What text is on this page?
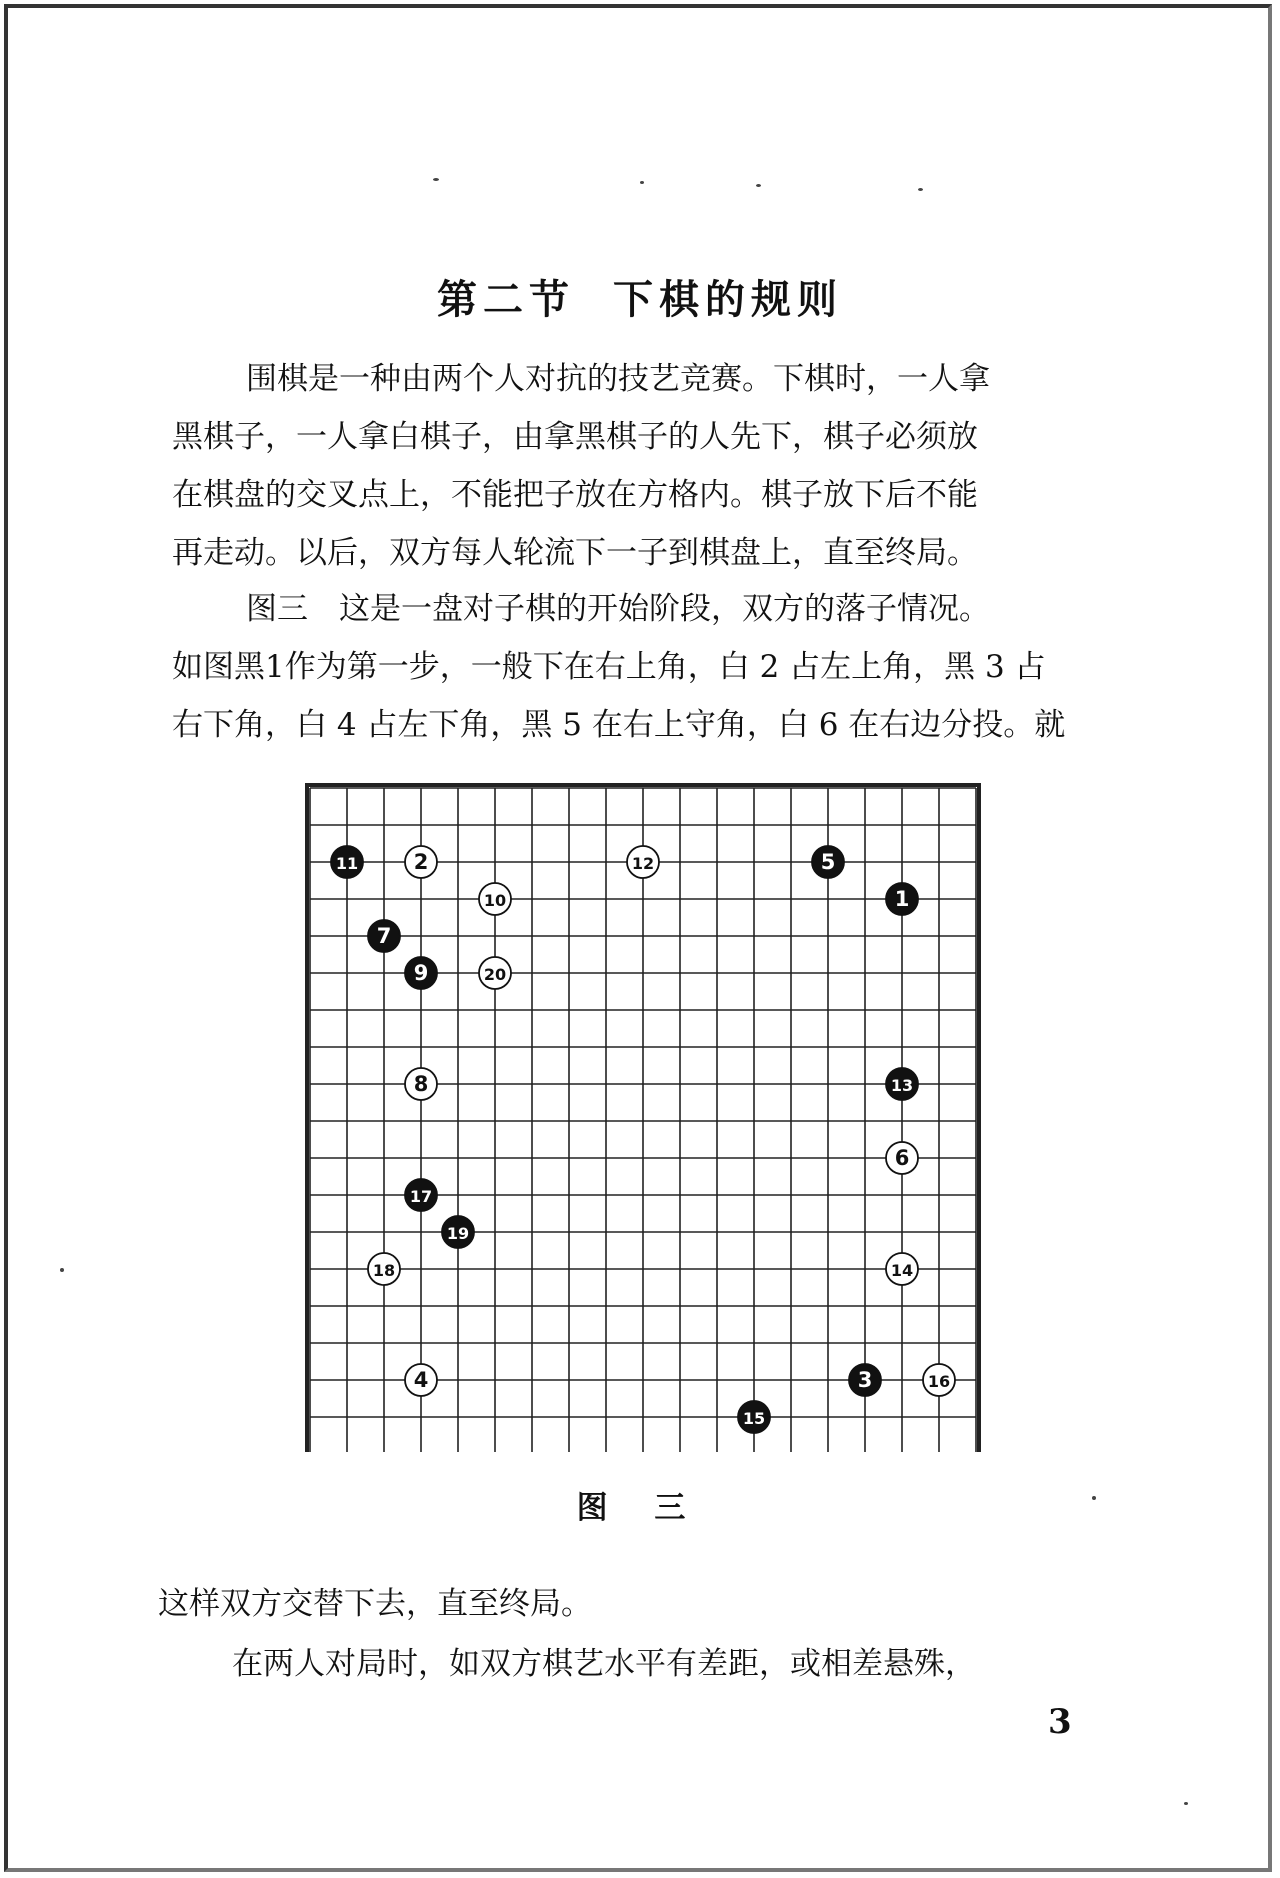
第二节 下棋的规则
围棋是一种由两个人对抗的技艺竞赛。下棋时，一人拿
黑棋子，一人拿白棋子，由拿黑棋子的人先下，棋子必须放
在棋盘的交叉点上，不能把子放在方格内。棋子放下后不能
再走动。以后，双方每人轮流下一子到棋盘上，直至终局。
图三　这是一盘对子棋的开始阶段，双方的落子情况。
如图黑1作为第一步，一般下在右上角，白 2 占左上角，黑 3 占
右下角，白 4 占左下角，黑 5 在右上守角，白 6 在右边分投。就
1
2
3
4
5
6
7
8
9
10
11	12
13
14
15
16
17
18
19
20
图 三
这样双方交替下去，直至终局。
在两人对局时，如双方棋艺水平有差距，或相差悬殊，
3
